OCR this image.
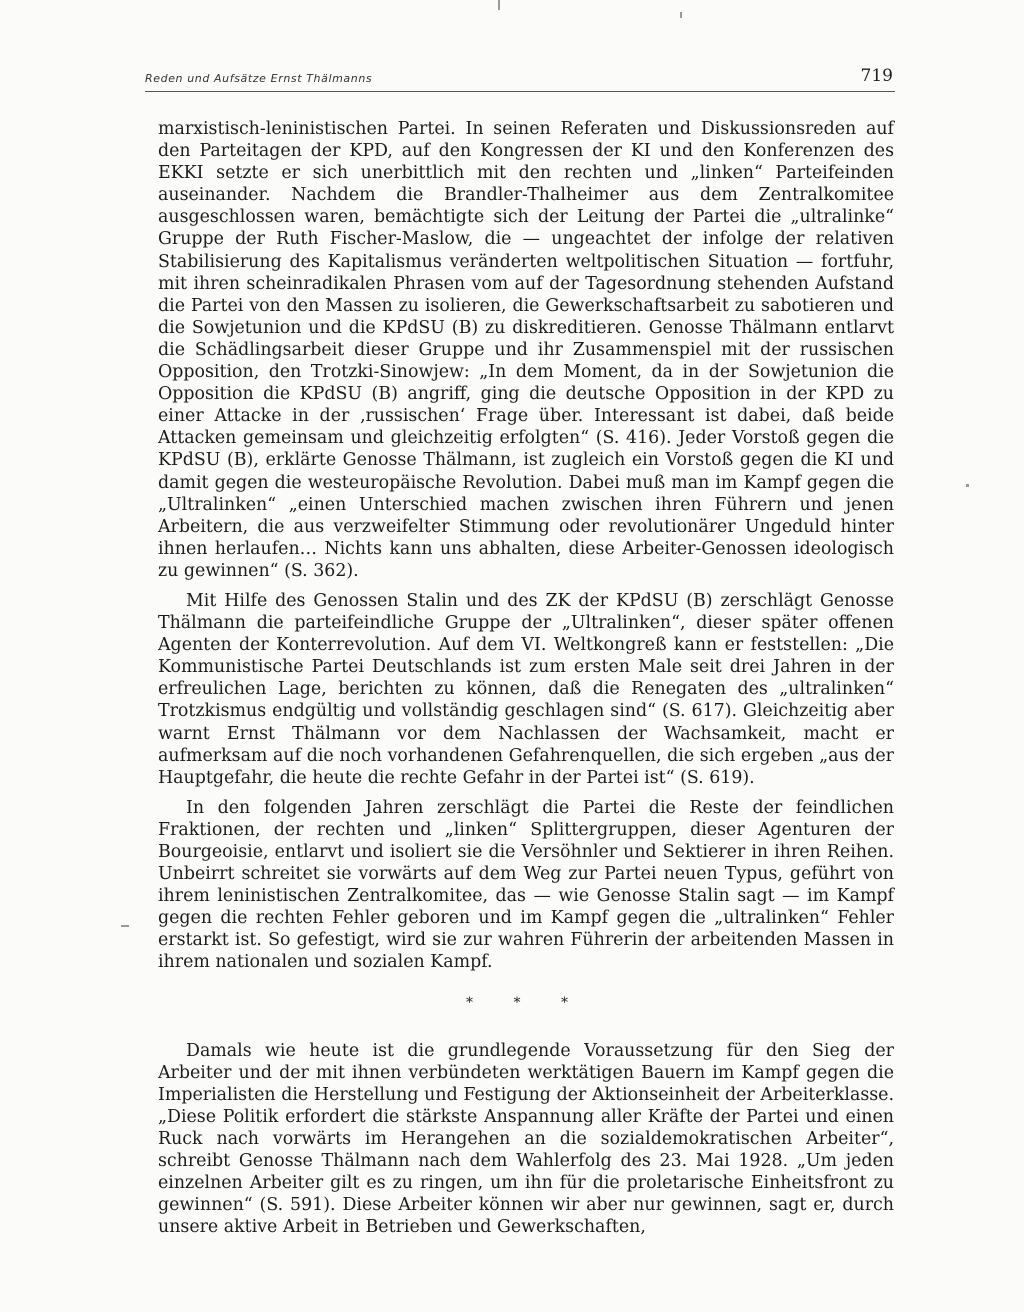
Reden und Aufsätze Ernst Thälmanns	719

marxistisch-leninistischen Partei. In seinen Referaten und Diskussionsreden auf den Parteitagen der KPD, auf den Kongressen der KI und den Konferenzen des EKKI setzte er sich unerbittlich mit den rechten und „linken“ Parteifeinden auseinander. Nachdem die Brandler-Thalheimer aus dem Zentralkomitee ausgeschlossen waren, bemächtigte sich der Leitung der Partei die „ultralinke“ Gruppe der Ruth Fischer-Maslow, die — ungeachtet der infolge der relativen Stabilisierung des Kapitalismus veränderten weltpolitischen Situation — fortfuhr, mit ihren scheinradikalen Phrasen vom auf der Tagesordnung stehenden Aufstand die Partei von den Massen zu isolieren, die Gewerkschaftsarbeit zu sabotieren und die Sowjetunion und die KPdSU (B) zu diskreditieren. Genosse Thälmann entlarvt die Schädlingsarbeit dieser Gruppe und ihr Zusammenspiel mit der russischen Opposition, den Trotzki-Sinowjew: „In dem Moment, da in der Sowjetunion die Opposition die KPdSU (B) angriff, ging die deutsche Opposition in der KPD zu einer Attacke in der ‚russischen‘ Frage über. Interessant ist dabei, daß beide Attacken gemeinsam und gleichzeitig erfolgten“ (S. 416). Jeder Vorstoß gegen die KPdSU (B), erklärte Genosse Thälmann, ist zugleich ein Vorstoß gegen die KI und damit gegen die westeuropäische Revolution. Dabei muß man im Kampf gegen die „Ultralinken“ „einen Unterschied machen zwischen ihren Führern und jenen Arbeitern, die aus verzweifelter Stimmung oder revolutionärer Ungeduld hinter ihnen herlaufen… Nichts kann uns abhalten, diese Arbeiter-Genossen ideologisch zu gewinnen“ (S. 362).

Mit Hilfe des Genossen Stalin und des ZK der KPdSU (B) zerschlägt Genosse Thälmann die parteifeindliche Gruppe der „Ultralinken“, dieser später offenen Agenten der Konterrevolution. Auf dem VI. Weltkongreß kann er feststellen: „Die Kommunistische Partei Deutschlands ist zum ersten Male seit drei Jahren in der erfreulichen Lage, berichten zu können, daß die Renegaten des „ultralinken“ Trotzkismus endgültig und vollständig geschlagen sind“ (S. 617). Gleichzeitig aber warnt Ernst Thälmann vor dem Nachlassen der Wachsamkeit, macht er aufmerksam auf die noch vorhandenen Gefahrenquellen, die sich ergeben „aus der Hauptgefahr, die heute die rechte Gefahr in der Partei ist“ (S. 619).

In den folgenden Jahren zerschlägt die Partei die Reste der feindlichen Fraktionen, der rechten und „linken“ Splittergruppen, dieser Agenturen der Bourgeoisie, entlarvt und isoliert sie die Versöhnler und Sektierer in ihren Reihen. Unbeirrt schreitet sie vorwärts auf dem Weg zur Partei neuen Typus, geführt von ihrem leninistischen Zentralkomitee, das — wie Genosse Stalin sagt — im Kampf gegen die rechten Fehler geboren und im Kampf gegen die „ultralinken“ Fehler erstarkt ist. So gefestigt, wird sie zur wahren Führerin der arbeitenden Massen in ihrem nationalen und sozialen Kampf.

* * *

Damals wie heute ist die grundlegende Voraussetzung für den Sieg der Arbeiter und der mit ihnen verbündeten werktätigen Bauern im Kampf gegen die Imperialisten die Herstellung und Festigung der Aktionseinheit der Arbeiterklasse. „Diese Politik erfordert die stärkste Anspannung aller Kräfte der Partei und einen Ruck nach vorwärts im Herangehen an die sozialdemokratischen Arbeiter“, schreibt Genosse Thälmann nach dem Wahlerfolg des 23. Mai 1928. „Um jeden einzelnen Arbeiter gilt es zu ringen, um ihn für die proletarische Einheitsfront zu gewinnen“ (S. 591). Diese Arbeiter können wir aber nur gewinnen, sagt er, durch unsere aktive Arbeit in Betrieben und Gewerkschaften,
